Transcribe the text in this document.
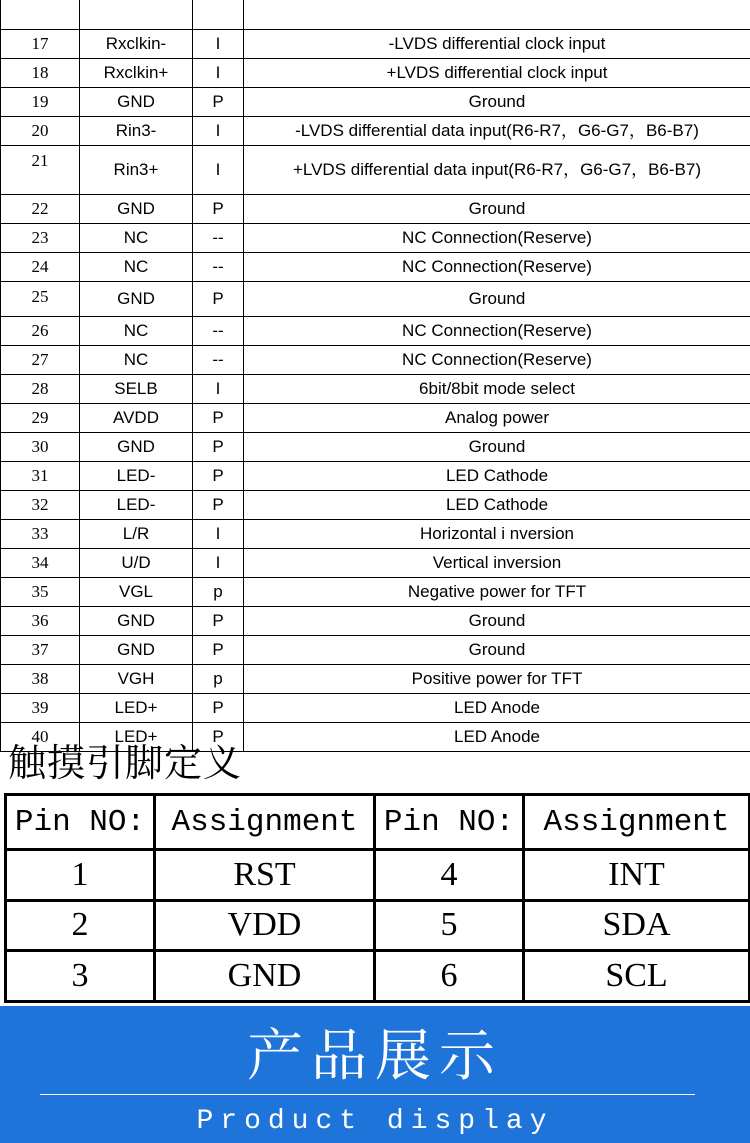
17	Rxclkin-	I	-LVDS differential clock input
18	Rxclkin+	I	+LVDS differential clock input
19	GND	P	Ground
20	Rin3-	I	-LVDS differential data input(R6-R7，G6-G7，B6-B7)
21	Rin3+	I	+LVDS differential data input(R6-R7，G6-G7，B6-B7)
22	GND	P	Ground
23	NC	--	NC Connection(Reserve)
24	NC	--	NC Connection(Reserve)
25	GND	P	Ground
26	NC	--	NC Connection(Reserve)
27	NC	--	NC Connection(Reserve)
28	SELB	I	6bit/8bit mode select
29	AVDD	P	Analog power
30	GND	P	Ground
31	LED-	P	LED Cathode
32	LED-	P	LED Cathode
33	L/R	I	Horizontal i nversion
34	U/D	I	Vertical inversion
35	VGL	p	Negative power for TFT
36	GND	P	Ground
37	GND	P	Ground
38	VGH	p	Positive power for TFT
39	LED+	P	LED Anode
40	LED+	P	LED Anode
触摸引脚定义
Pin NO:	Assignment	Pin NO:	Assignment
1	RST	4	INT
2	VDD	5	SDA
3	GND	6	SCL
产品展示

Product display
